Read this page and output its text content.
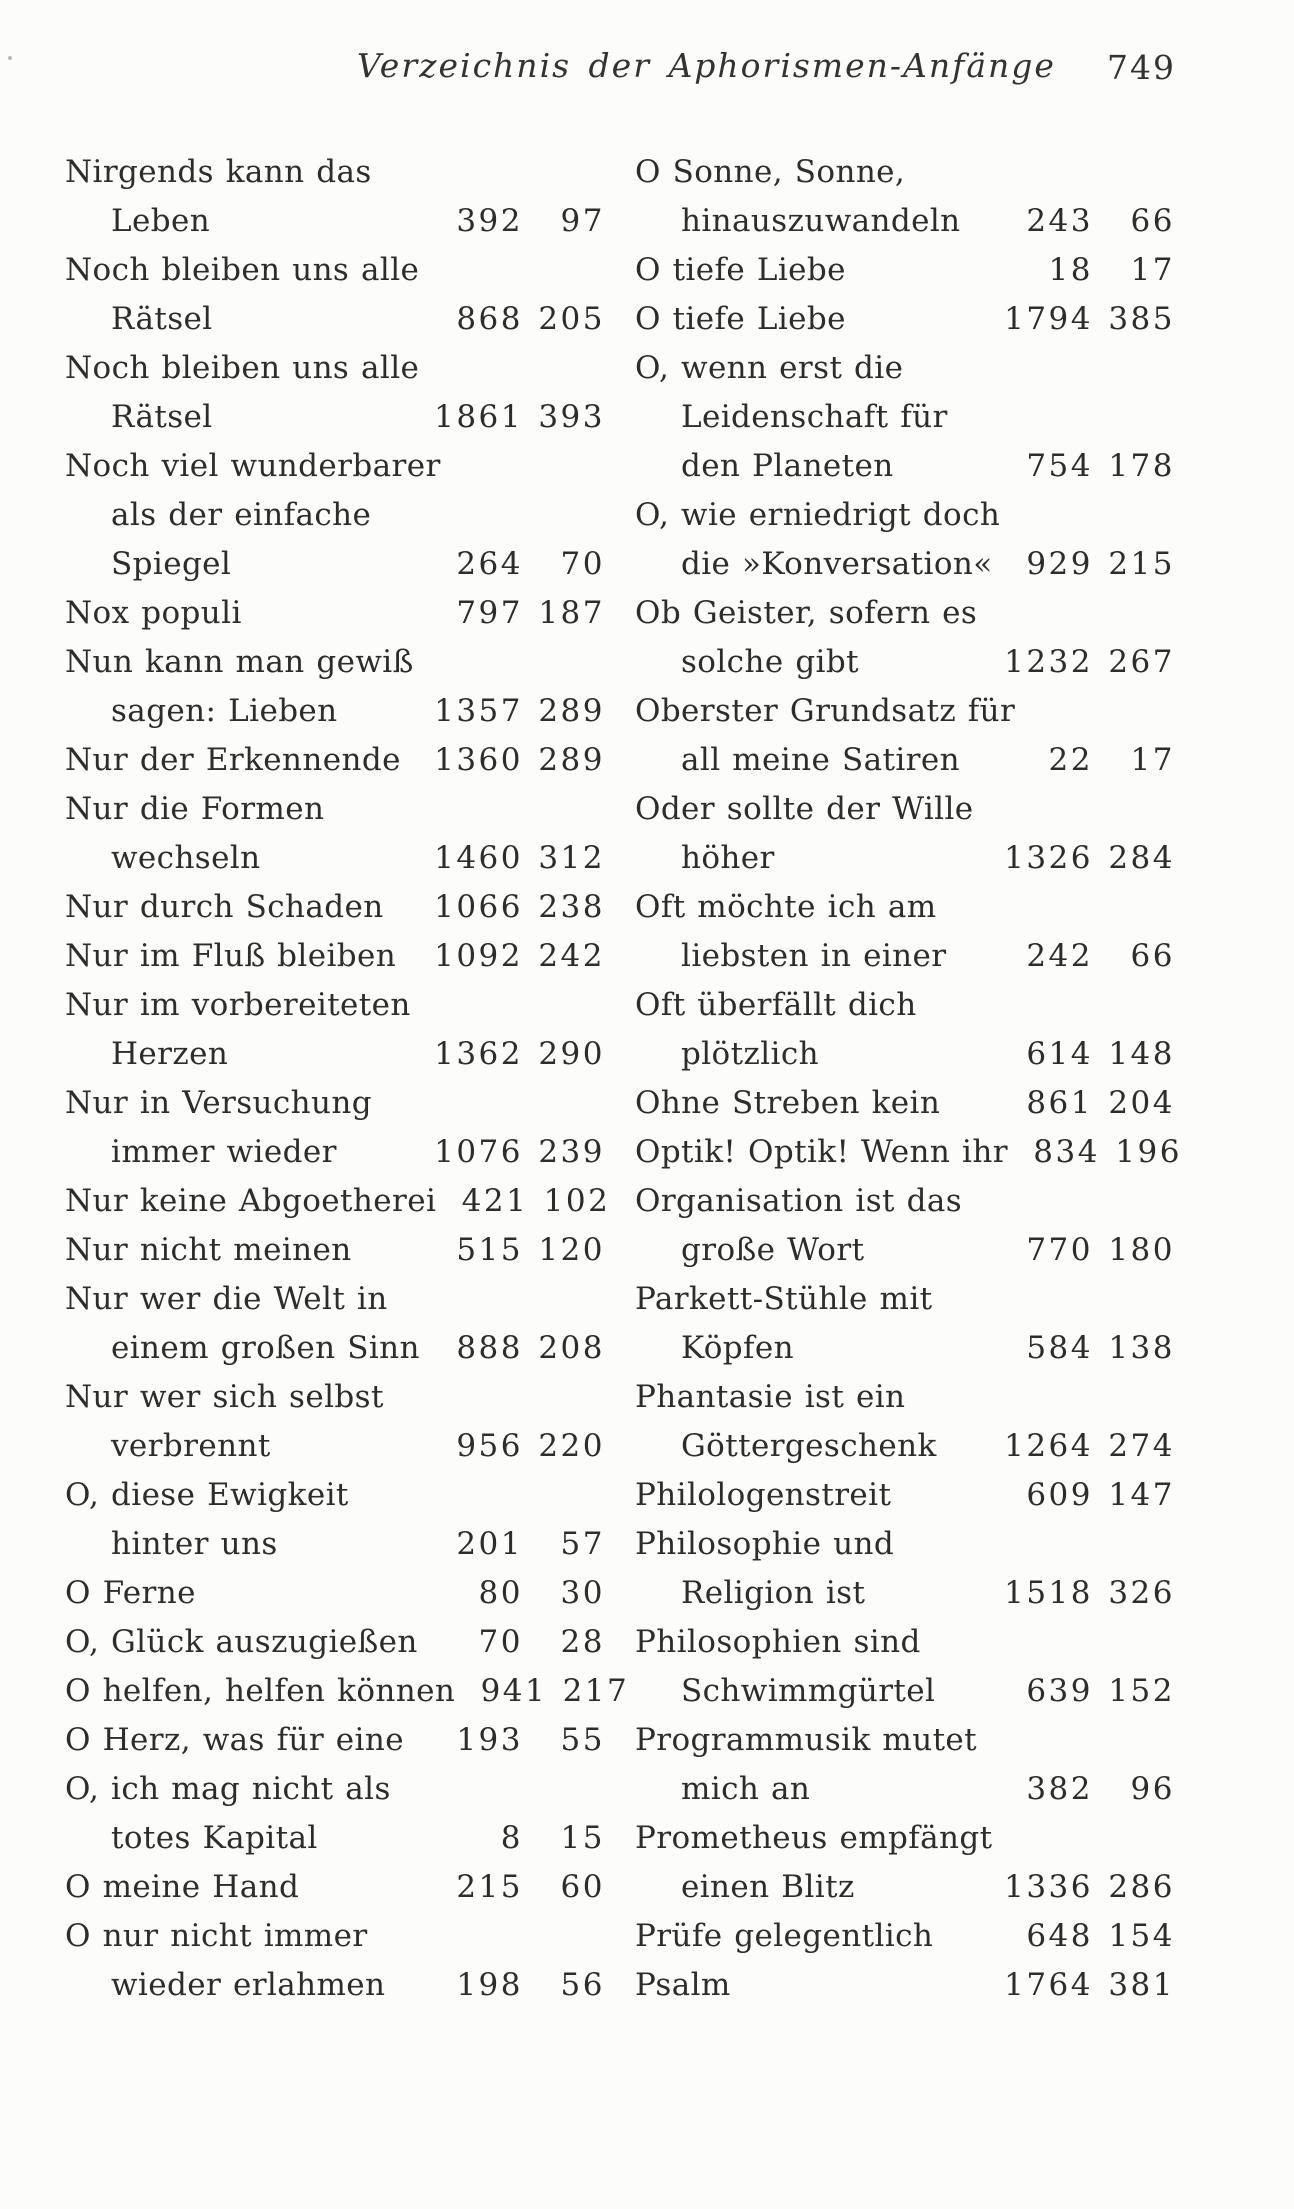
Verzeichnis der Aphorismen-Anfänge 749
Nirgends kann das
Leben	392	97
Noch bleiben uns alle
Rätsel	868 205
Noch bleiben uns alle
Rätsel	1861 393
Noch viel wunderbarer
als der einfache
Spiegel	264	70
Nox populi	797 187
Nun kann man gewiß
sagen: Lieben	1357 289
Nur der Erkennende 1360 289
Nur die Formen
wechseln	1460 312
Nur durch Schaden 1066 238
Nur im Fluß bleiben 1092 242
Nur im vorbereiteten
Herzen	1362 290
Nur in Versuchung
immer wieder	1076 239
Nur keine Abgoetherei 421 102
Nur nicht meinen	515 120
Nur wer die Welt in
einem großen Sinn	888 208
Nur wer sich selbst
verbrennt	956 220
O, diese Ewigkeit
hinter uns	201	57
O Ferne	80	30
O, Glück auszugießen	70	28
O helfen, helfen können 941 217
O Herz, was für eine	193	55
O, ich mag nicht als
totes Kapital	8	15
O meine Hand	215	60
O nur nicht immer
wieder erlahmen	198	56
O Sonne, Sonne,
hinauszuwandeln	243	66
O tiefe Liebe	18	17
O tiefe Liebe	1794 385
O, wenn erst die
Leidenschaft für
den Planeten	754 178
O, wie erniedrigt doch
die »Konversation«	929 215
Ob Geister, sofern es
solche gibt	1232 267
Oberster Grundsatz für
all meine Satiren	22	17
Oder sollte der Wille
höher	1326 284
Oft möchte ich am
liebsten in einer	242	66
Oft überfällt dich
plötzlich	614 148
Ohne Streben kein	861 204
Optik! Optik! Wenn ihr 834 196
Organisation ist das
große Wort	770 180
Parkett-Stühle mit
Köpfen	584 138
Phantasie ist ein
Göttergeschenk 1264 274
Philologenstreit	609 147
Philosophie und
Religion ist	1518 326
Philosophien sind
Schwimmgürtel	639 152
Programmusik mutet
mich an	382	96
Prometheus empfängt
einen Blitz	1336 286
Prüfe gelegentlich	648 154
Psalm	1764 381
